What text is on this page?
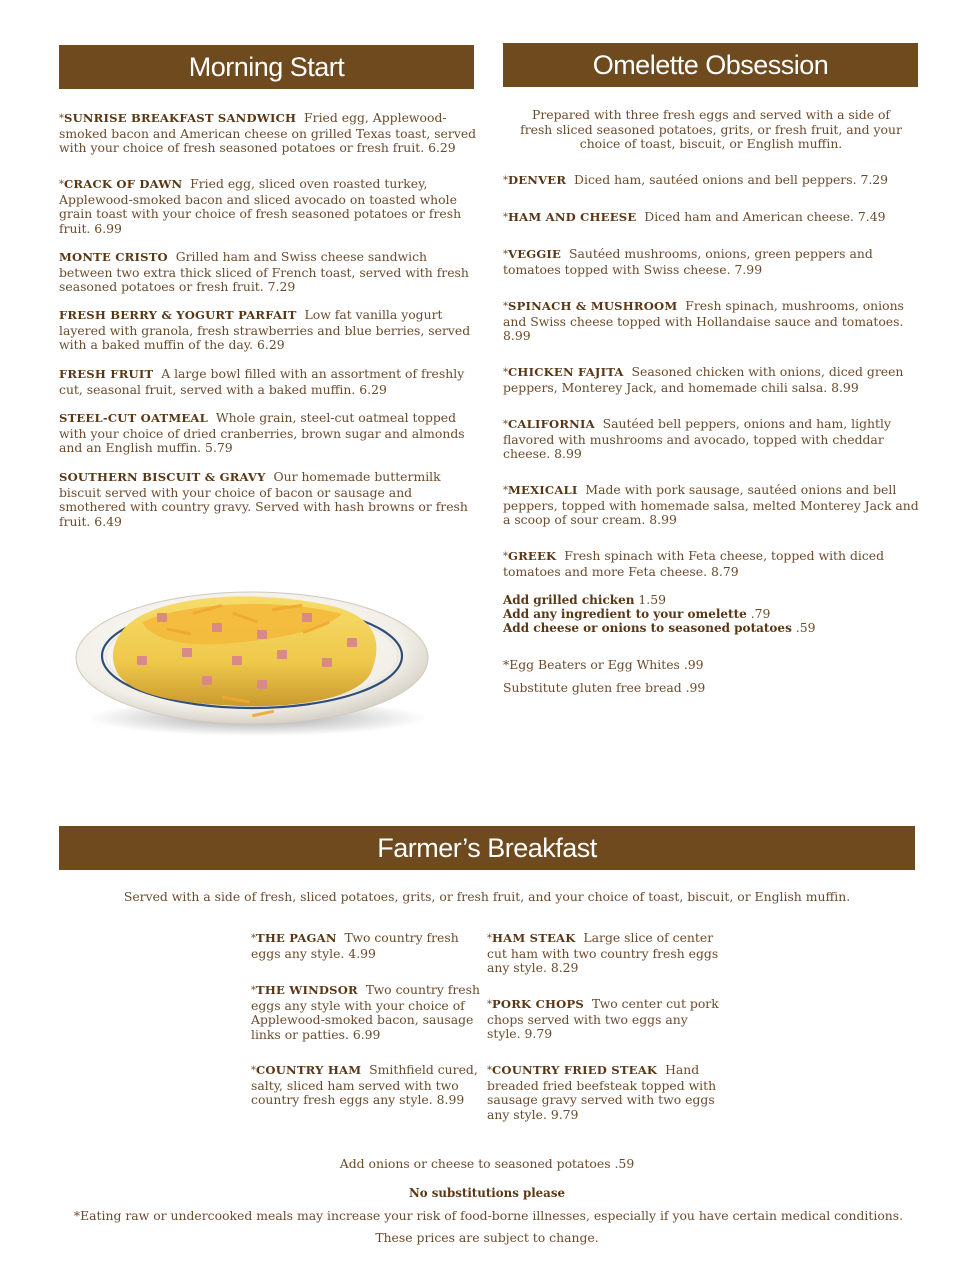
Morning Start	Omelette Obsession
Farmer’s Breakfast
*SUNRISE BREAKFAST SANDWICH Fried egg, Applewood-smoked bacon and American cheese on grilled Texas toast, served with your choice of fresh seasoned potatoes or fresh fruit. 6.29
*CRACK OF DAWN Fried egg, sliced oven roasted turkey, Applewood-smoked bacon and sliced avocado on toasted whole grain toast with your choice of fresh seasoned potatoes or fresh fruit. 6.99
MONTE CRISTO Grilled ham and Swiss cheese sandwich between two extra thick sliced of French toast, served with fresh seasoned potatoes or fresh fruit. 7.29
FRESH BERRY & YOGURT PARFAIT Low fat vanilla yogurt layered with granola, fresh strawberries and blue berries, served with a baked muffin of the day. 6.29
FRESH FRUIT A large bowl filled with an assortment of freshly cut, seasonal fruit, served with a baked muffin. 6.29
STEEL-CUT OATMEAL Whole grain, steel-cut oatmeal topped with your choice of dried cranberries, brown sugar and almonds and an English muffin. 5.79
SOUTHERN BISCUIT & GRAVY Our homemade buttermilk biscuit served with your choice of bacon or sausage and smothered with country gravy. Served with hash browns or fresh fruit. 6.49
Prepared with three fresh eggs and served with a side of fresh sliced seasoned potatoes, grits, or fresh fruit, and your choice of toast, biscuit, or English muffin.
*DENVER Diced ham, sautéed onions and bell peppers. 7.29
*HAM AND CHEESE Diced ham and American cheese. 7.49
*VEGGIE Sautéed mushrooms, onions, green peppers and tomatoes topped with Swiss cheese. 7.99
*SPINACH & MUSHROOM Fresh spinach, mushrooms, onions and Swiss cheese topped with Hollandaise sauce and tomatoes. 8.99
*CHICKEN FAJITA Seasoned chicken with onions, diced green peppers, Monterey Jack, and homemade chili salsa. 8.99
*CALIFORNIA Sautéed bell peppers, onions and ham, lightly flavored with mushrooms and avocado, topped with cheddar cheese. 8.99
*MEXICALI Made with pork sausage, sautéed onions and bell peppers, topped with homemade salsa, melted Monterey Jack and a scoop of sour cream. 8.99
*GREEK Fresh spinach with Feta cheese, topped with diced tomatoes and more Feta cheese. 8.79
Add grilled chicken 1.59
Add any ingredient to your omelette .79
Add cheese or onions to seasoned potatoes .59
*Egg Beaters or Egg Whites .99
Substitute gluten free bread .99
Served with a side of fresh, sliced potatoes, grits, or fresh fruit, and your choice of toast, biscuit, or English muffin.
*THE PAGAN Two country fresh eggs any style. 4.99
*THE WINDSOR Two country fresh eggs any style with your choice of Applewood-smoked bacon, sausage links or patties. 6.99
*COUNTRY HAM Smithfield cured, salty, sliced ham served with two country fresh eggs any style. 8.99
*HAM STEAK Large slice of center cut ham with two country fresh eggs any style. 8.29
*PORK CHOPS Two center cut pork chops served with two eggs any style. 9.79
*COUNTRY FRIED STEAK Hand breaded fried beefsteak topped with sausage gravy served with two eggs any style. 9.79
Add onions or cheese to seasoned potatoes .59
No substitutions please
*Eating raw or undercooked meals may increase your risk of food-borne illnesses, especially if you have certain medical conditions.
These prices are subject to change.
